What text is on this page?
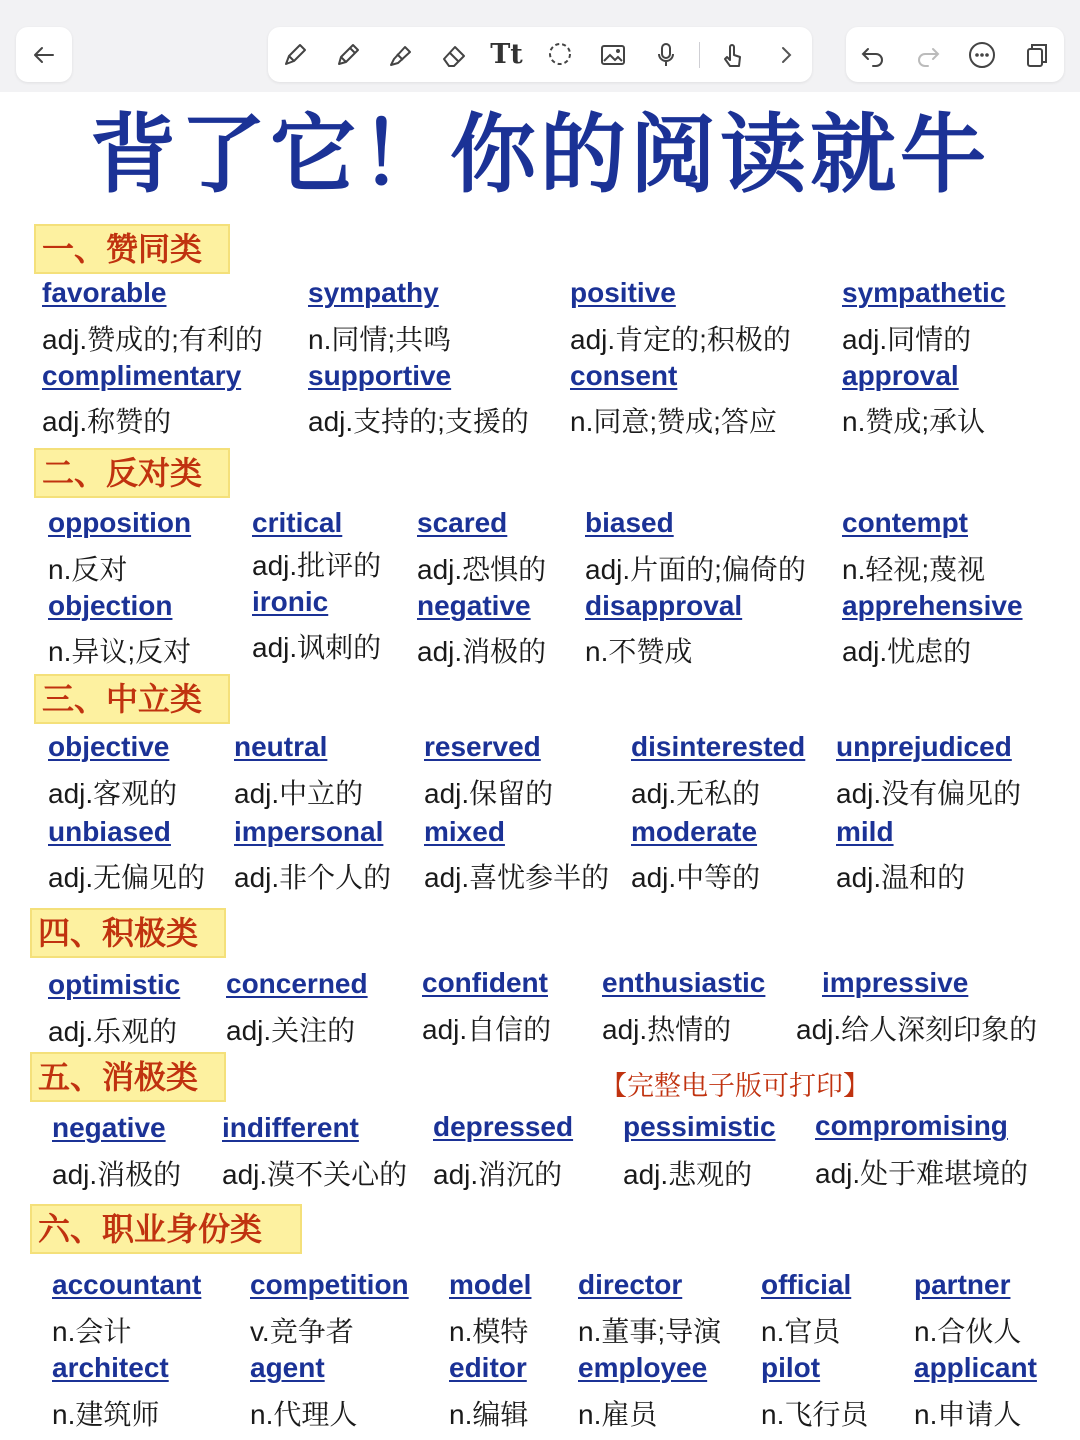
Tt
背了它！你的阅读就牛
一、赞同类
二、反对类
三、中立类
四、积极类
五、消极类
六、职业身份类
【完整电子版可打印】
favorable
adj.赞成的;有利的
sympathy
n.同情;共鸣
positive
adj.肯定的;积极的
sympathetic
adj.同情的
complimentary
adj.称赞的
supportive
adj.支持的;支援的
consent
n.同意;赞成;答应
approval
n.赞成;承认
opposition
n.反对
critical
adj.批评的
scared
adj.恐惧的
biased
adj.片面的;偏倚的
contempt
n.轻视;蔑视
objection
n.异议;反对
ironic
adj.讽刺的
negative
adj.消极的
disapproval
n.不赞成
apprehensive
adj.忧虑的
objective
adj.客观的
neutral
adj.中立的
reserved
adj.保留的
disinterested
adj.无私的
unprejudiced
adj.没有偏见的
unbiased
adj.无偏见的
impersonal
adj.非个人的
mixed
adj.喜忧参半的
moderate
adj.中等的
mild
adj.温和的
optimistic
adj.乐观的
concerned
adj.关注的
confident
adj.自信的
enthusiastic
adj.热情的
impressive
adj.给人深刻印象的
negative
adj.消极的
indifferent
adj.漠不关心的
depressed
adj.消沉的
pessimistic
adj.悲观的
compromising
adj.处于难堪境的
accountant
n.会计
competition
v.竞争者
model
n.模特
director
n.董事;导演
official
n.官员
partner
n.合伙人
architect
n.建筑师
agent
n.代理人
editor
n.编辑
employee
n.雇员
pilot
n.飞行员
applicant
n.申请人
